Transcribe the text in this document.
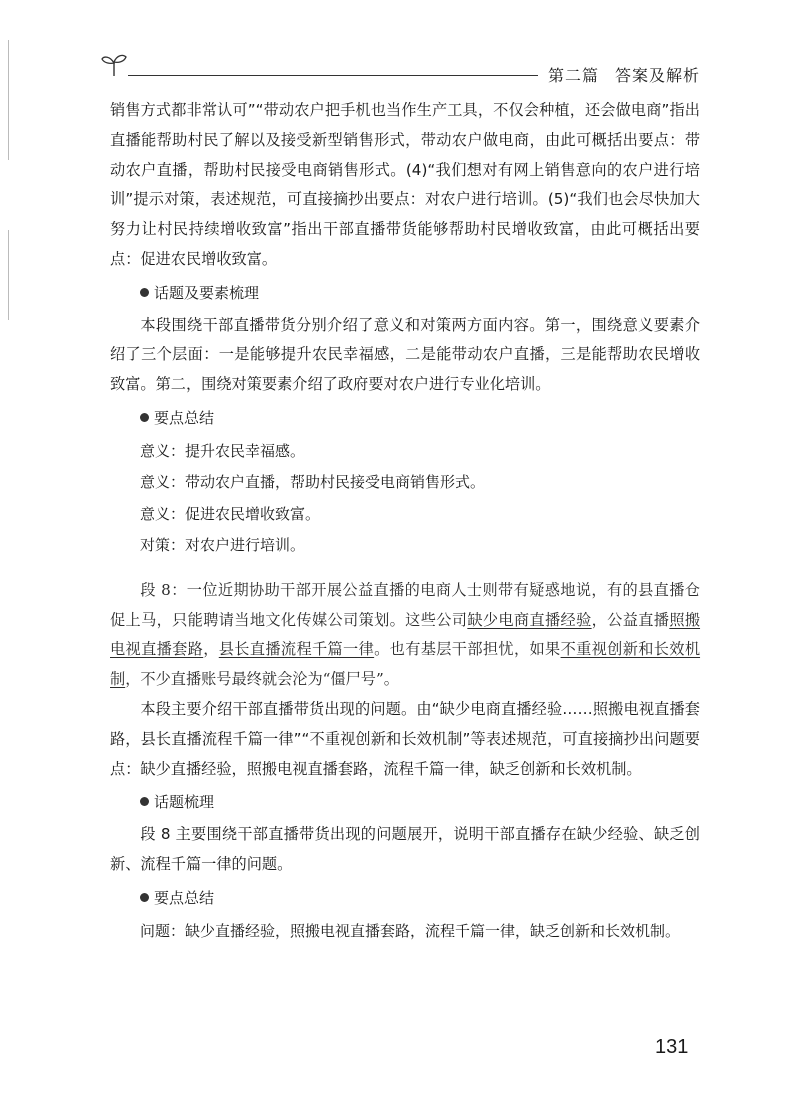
第二篇 答案及解析

销售方式都非常认可”“带动农户把手机也当作生产工具，不仅会种植，还会做电商”指出直播能帮助村民了解以及接受新型销售形式，带动农户做电商，由此可概括出要点：带动农户直播，帮助村民接受电商销售形式。(4)“我们想对有网上销售意向的农户进行培训”提示对策，表述规范，可直接摘抄出要点：对农户进行培训。(5)“我们也会尽快加大努力让村民持续增收致富”指出干部直播带货能够帮助村民增收致富，由此可概括出要点：促进农民增收致富。

话题及要素梳理

本段围绕干部直播带货分别介绍了意义和对策两方面内容。第一，围绕意义要素介绍了三个层面：一是能够提升农民幸福感，二是能带动农户直播，三是能帮助农民增收致富。第二，围绕对策要素介绍了政府要对农户进行专业化培训。

要点总结

意义：提升农民幸福感。

意义：带动农户直播，帮助村民接受电商销售形式。

意义：促进农民增收致富。

对策：对农户进行培训。

段 8：一位近期协助干部开展公益直播的电商人士则带有疑惑地说，有的县直播仓促上马，只能聘请当地文化传媒公司策划。这些公司缺少电商直播经验，公益直播照搬电视直播套路，县长直播流程千篇一律。也有基层干部担忧，如果不重视创新和长效机制，不少直播账号最终就会沦为“僵尸号”。

本段主要介绍干部直播带货出现的问题。由“缺少电商直播经验……照搬电视直播套路，县长直播流程千篇一律”“不重视创新和长效机制”等表述规范，可直接摘抄出问题要点：缺少直播经验，照搬电视直播套路，流程千篇一律，缺乏创新和长效机制。

话题梳理

段 8 主要围绕干部直播带货出现的问题展开，说明干部直播存在缺少经验、缺乏创新、流程千篇一律的问题。

要点总结

问题：缺少直播经验，照搬电视直播套路，流程千篇一律，缺乏创新和长效机制。

131
